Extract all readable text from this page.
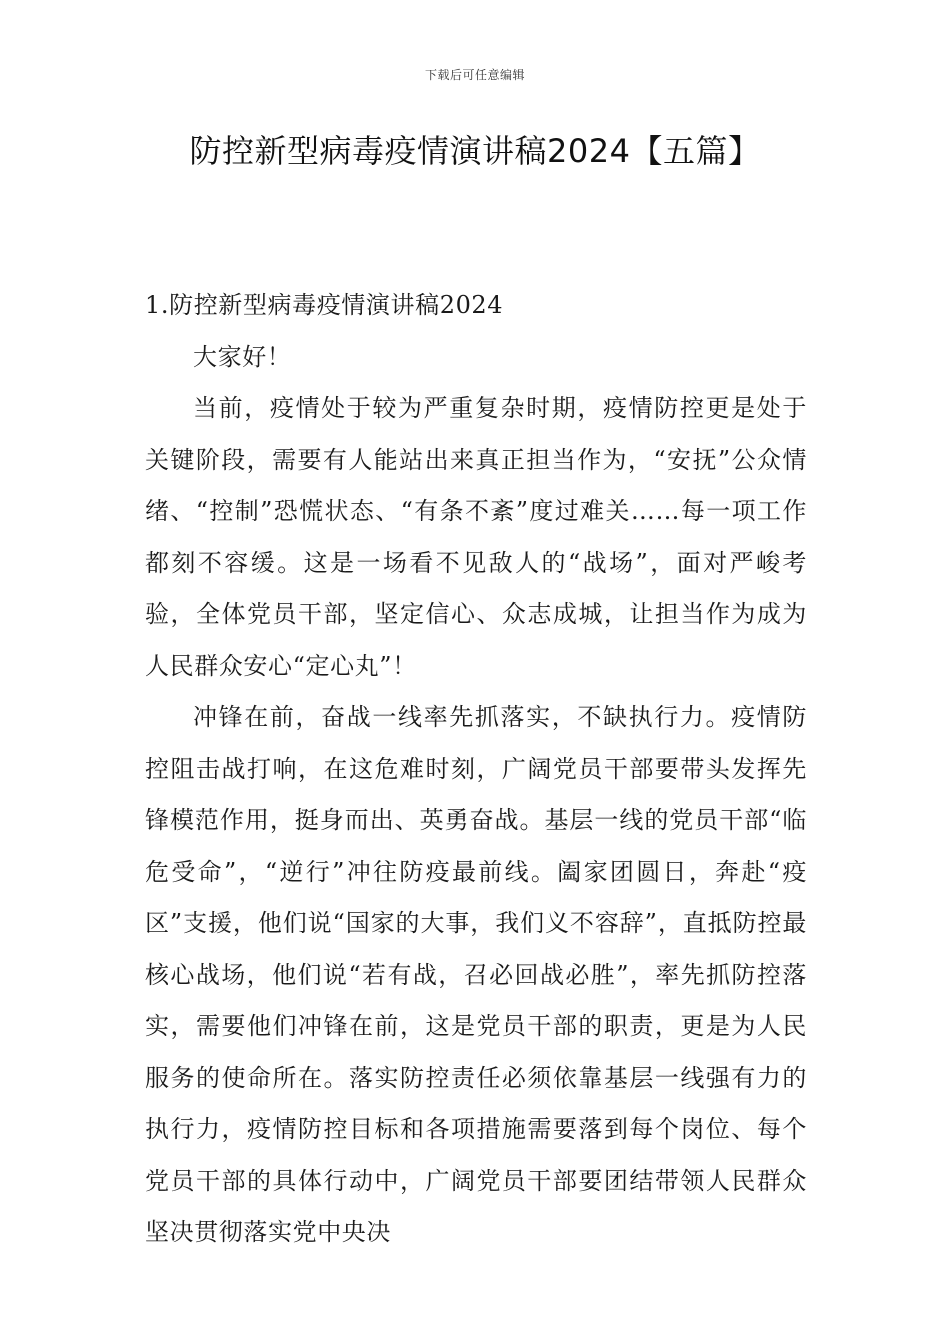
下载后可任意编辑
防控新型病毒疫情演讲稿2024【五篇】

1.防控新型病毒疫情演讲稿2024

大家好！

当前，疫情处于较为严重复杂时期，疫情防控更是处于关键阶段，需要有人能站出来真正担当作为，“安抚”公众情绪、“控制”恐慌状态、“有条不紊”度过难关……每一项工作都刻不容缓。这是一场看不见敌人的“战场”，面对严峻考验，全体党员干部，坚定信心、众志成城，让担当作为成为人民群众安心“定心丸”！

冲锋在前，奋战一线率先抓落实，不缺执行力。疫情防控阻击战打响，在这危难时刻，广阔党员干部要带头发挥先锋模范作用，挺身而出、英勇奋战。基层一线的党员干部“临危受命”，“逆行”冲往防疫最前线。阖家团圆日，奔赴“疫区”支援，他们说“国家的大事，我们义不容辞”，直抵防控最核心战场，他们说“若有战，召必回战必胜”，率先抓防控落实，需要他们冲锋在前，这是党员干部的职责，更是为人民服务的使命所在。落实防控责任必须依靠基层一线强有力的执行力，疫情防控目标和各项措施需要落到每个岗位、每个党员干部的具体行动中，广阔党员干部要团结带领人民群众坚决贯彻落实党中央决
